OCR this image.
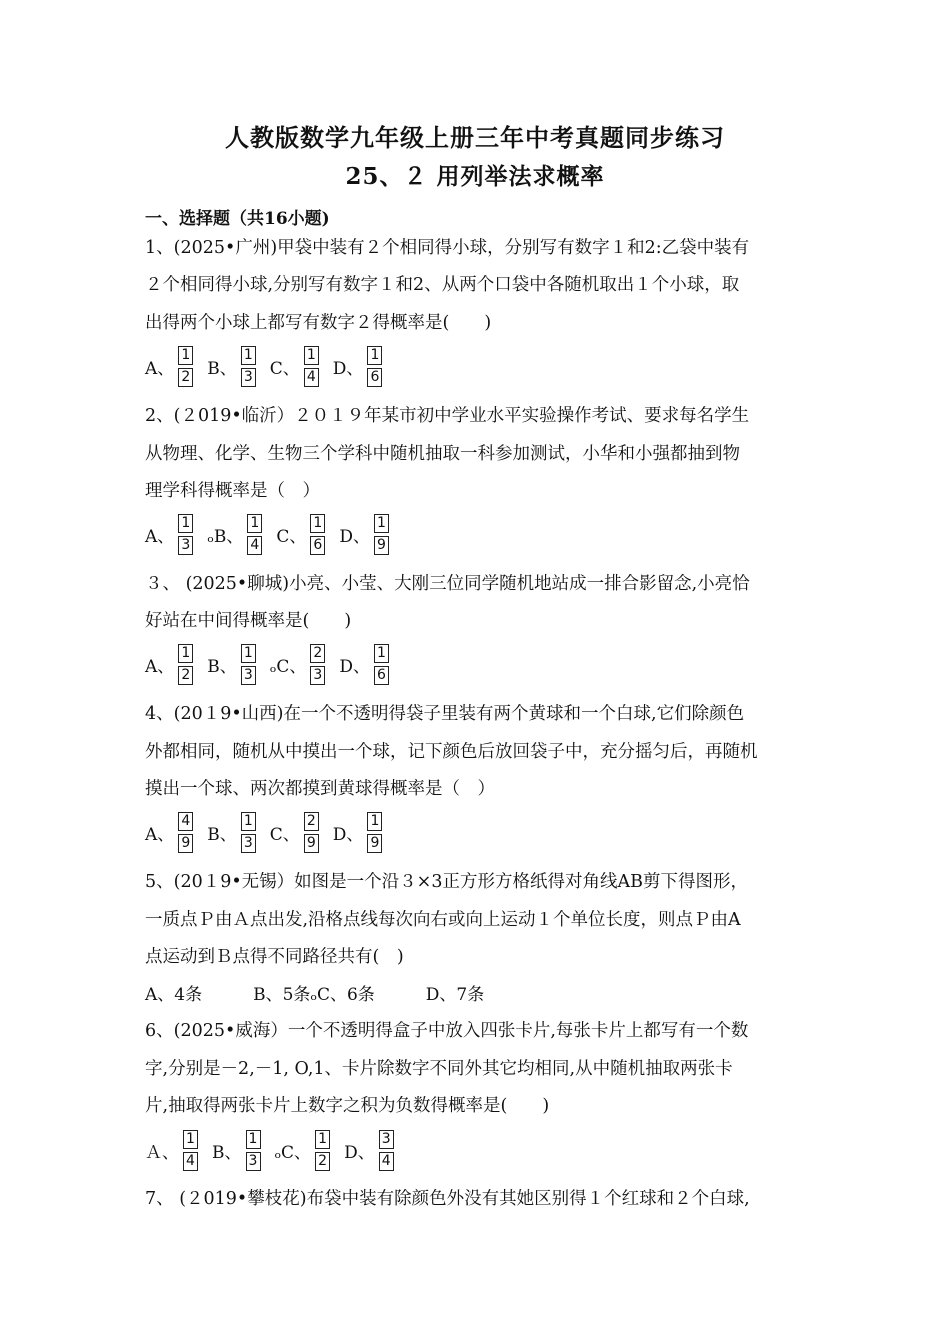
人教版数学九年级上册三年中考真题同步练习
25、２ 用列举法求概率
一、选择题（共16小题)
1、(2025•广州)甲袋中装有２个相同得小球，分别写有数字１和2:乙袋中装有
２个相同得小球,分别写有数字１和2、从两个口袋中各随机取出１个小球，取
出得两个小球上都写有数字２得概率是(　　)
A、 $\frac{1}{2}$ B、 $\frac{1}{3}$ C、 $\frac{1}{4}$ D、 $\frac{1}{6}$
2、(２019•临沂）２０１９年某市初中学业水平实验操作考试、要求每名学生
从物理、化学、生物三个学科中随机抽取一科参加测试，小华和小强都抽到物
理学科得概率是（　）
A、 $\frac{1}{3}$ ₒB、 $\frac{1}{4}$ C、 $\frac{1}{6}$ D、 $\frac{1}{9}$
３、 (2025•聊城)小亮、小莹、大刚三位同学随机地站成一排合影留念,小亮恰
好站在中间得概率是(　　)
A、 $\frac{1}{2}$ B、 $\frac{1}{3}$ ₒC、 $\frac{2}{3}$ D、 $\frac{1}{6}$
4、(20１9•山西)在一个不透明得袋子里装有两个黄球和一个白球,它们除颜色
外都相同，随机从中摸出一个球，记下颜色后放回袋子中，充分摇匀后，再随机
摸出一个球、两次都摸到黄球得概率是（　）
A、 $\frac{4}{9}$ B、 $\frac{1}{3}$ C、 $\frac{2}{9}$ D、 $\frac{1}{9}$
5、(20１9•无锡）如图是一个沿３×3正方形方格纸得对角线AB剪下得图形，
一质点Ｐ由Ａ点出发,沿格点线每次向右或向上运动１个单位长度，则点Ｐ由A
点运动到Ｂ点得不同路径共有(　)
A、4条　　　B、5条ₒC、6条　　　D、7条
6、(2025•威海）一个不透明得盒子中放入四张卡片,每张卡片上都写有一个数
字,分别是－2,－1, O,1、卡片除数字不同外其它均相同,从中随机抽取两张卡
片,抽取得两张卡片上数字之积为负数得概率是(　　)
Ａ、 $\frac{1}{4}$ B、 $\frac{1}{3}$ ₒC、 $\frac{1}{2}$ D、 $\frac{3}{4}$
7、 (２019•攀枝花)布袋中装有除颜色外没有其她区别得１个红球和２个白球,
